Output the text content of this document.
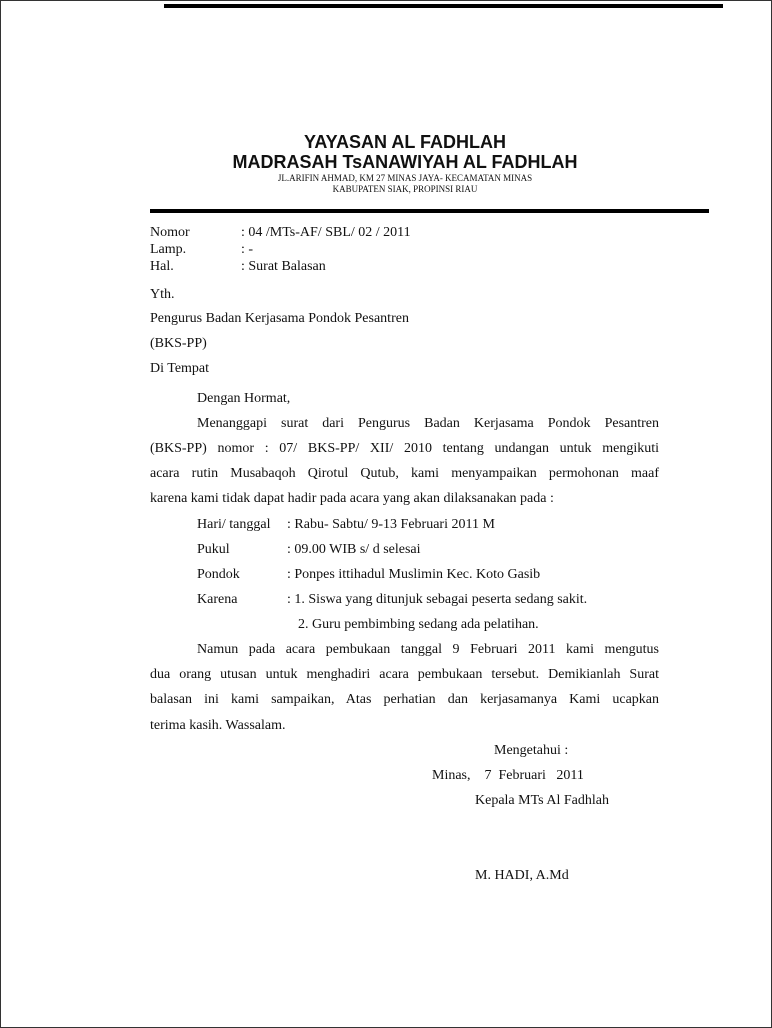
YAYASAN AL FADHLAH
MADRASAH TsANAWIYAH AL FADHLAH
JL.ARIFIN AHMAD, KM 27 MINAS JAYA- KECAMATAN MINAS
KABUPATEN SIAK, PROPINSI RIAU
Nomor	: 04 /MTs-AF/ SBL/ 02 / 2011
Lamp.	: -
Hal.	: Surat Balasan
Yth.
Pengurus Badan Kerjasama Pondok Pesantren
(BKS-PP)
Di Tempat
Dengan Hormat,
Menanggapi surat dari Pengurus Badan Kerjasama Pondok Pesantren
(BKS-PP) nomor : 07/ BKS-PP/ XII/ 2010 tentang undangan untuk mengikuti
acara rutin Musabaqoh Qirotul Qutub, kami menyampaikan permohonan maaf
karena kami tidak dapat hadir pada acara yang akan dilaksanakan pada :
Hari/ tanggal : Rabu- Sabtu/ 9-13 Februari 2011 M
Pukul	: 09.00 WIB s/ d selesai
Pondok	: Ponpes ittihadul Muslimin Kec. Koto Gasib
Karena	: 1. Siswa yang ditunjuk sebagai peserta sedang sakit.
2. Guru pembimbing sedang ada pelatihan.
Namun pada acara pembukaan tanggal 9 Februari 2011 kami mengutus
dua orang utusan untuk menghadiri acara pembukaan tersebut. Demikianlah Surat
balasan ini kami sampaikan, Atas perhatian dan kerjasamanya Kami ucapkan
terima kasih. Wassalam.
Mengetahui :
Minas,    7  Februari   2011
Kepala MTs Al Fadhlah
M. HADI, A.Md
